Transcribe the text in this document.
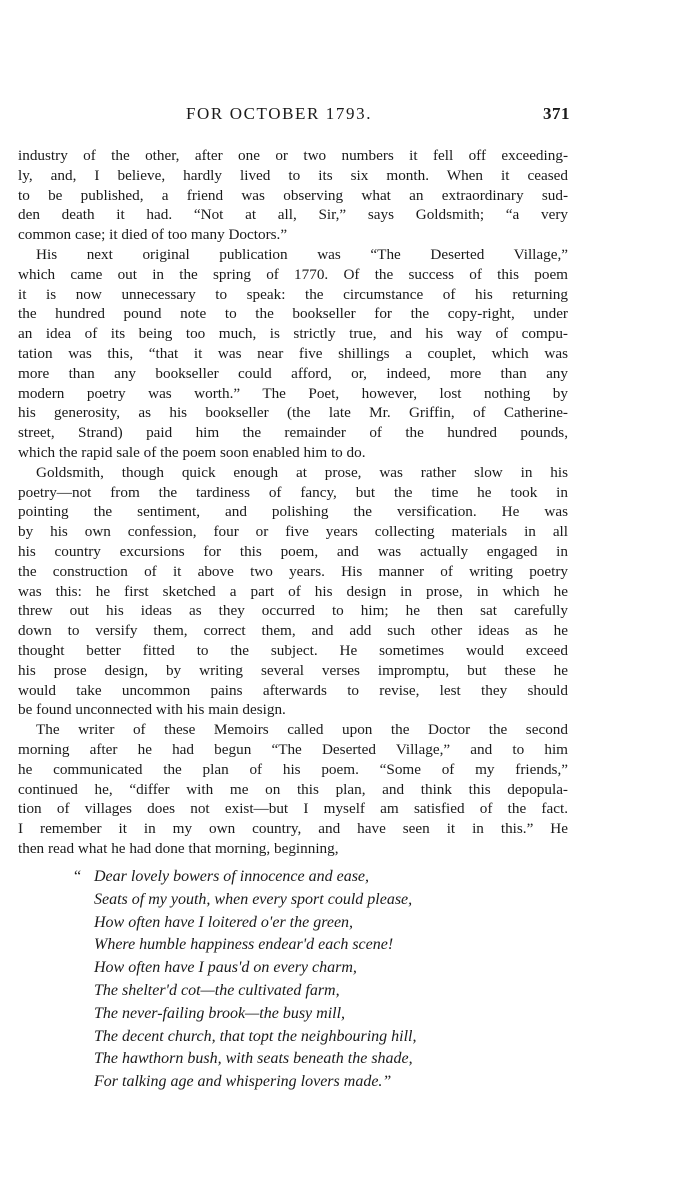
FOR OCTOBER 1793.	371
industry of the other, after one or two numbers it fell off exceeding-
ly, and, I believe, hardly lived to its six month. When it ceased
to be published, a friend was observing what an extraordinary sud-
den death it had. “Not at all, Sir,” says Goldsmith; “a very
common case; it died of too many Doctors.”
His next original publication was “The Deserted Village,”
which came out in the spring of 1770. Of the success of this poem
it is now unnecessary to speak: the circumstance of his returning
the hundred pound note to the bookseller for the copy-right, under
an idea of its being too much, is strictly true, and his way of compu-
tation was this, “that it was near five shillings a couplet, which was
more than any bookseller could afford, or, indeed, more than any
modern poetry was worth.” The Poet, however, lost nothing by
his generosity, as his bookseller (the late Mr. Griffin, of Catherine-
street, Strand) paid him the remainder of the hundred pounds,
which the rapid sale of the poem soon enabled him to do.
Goldsmith, though quick enough at prose, was rather slow in his
poetry—not from the tardiness of fancy, but the time he took in
pointing the sentiment, and polishing the versification. He was
by his own confession, four or five years collecting materials in all
his country excursions for this poem, and was actually engaged in
the construction of it above two years. His manner of writing poetry
was this: he first sketched a part of his design in prose, in which he
threw out his ideas as they occurred to him; he then sat carefully
down to versify them, correct them, and add such other ideas as he
thought better fitted to the subject. He sometimes would exceed
his prose design, by writing several verses impromptu, but these he
would take uncommon pains afterwards to revise, lest they should
be found unconnected with his main design.
The writer of these Memoirs called upon the Doctor the second
morning after he had begun “The Deserted Village,” and to him
he communicated the plan of his poem. “Some of my friends,”
continued he, “differ with me on this plan, and think this depopula-
tion of villages does not exist—but I myself am satisfied of the fact.
I remember it in my own country, and have seen it in this.” He
then read what he had done that morning, beginning,
“ Dear lovely bowers of innocence and ease,
Seats of my youth, when every sport could please,
How often have I loitered o'er the green,
Where humble happiness endear'd each scene!
How often have I paus'd on every charm,
The shelter'd cot—the cultivated farm,
The never-failing brook—the busy mill,
The decent church, that topt the neighbouring hill,
The hawthorn bush, with seats beneath the shade,
For talking age and whispering lovers made.”
